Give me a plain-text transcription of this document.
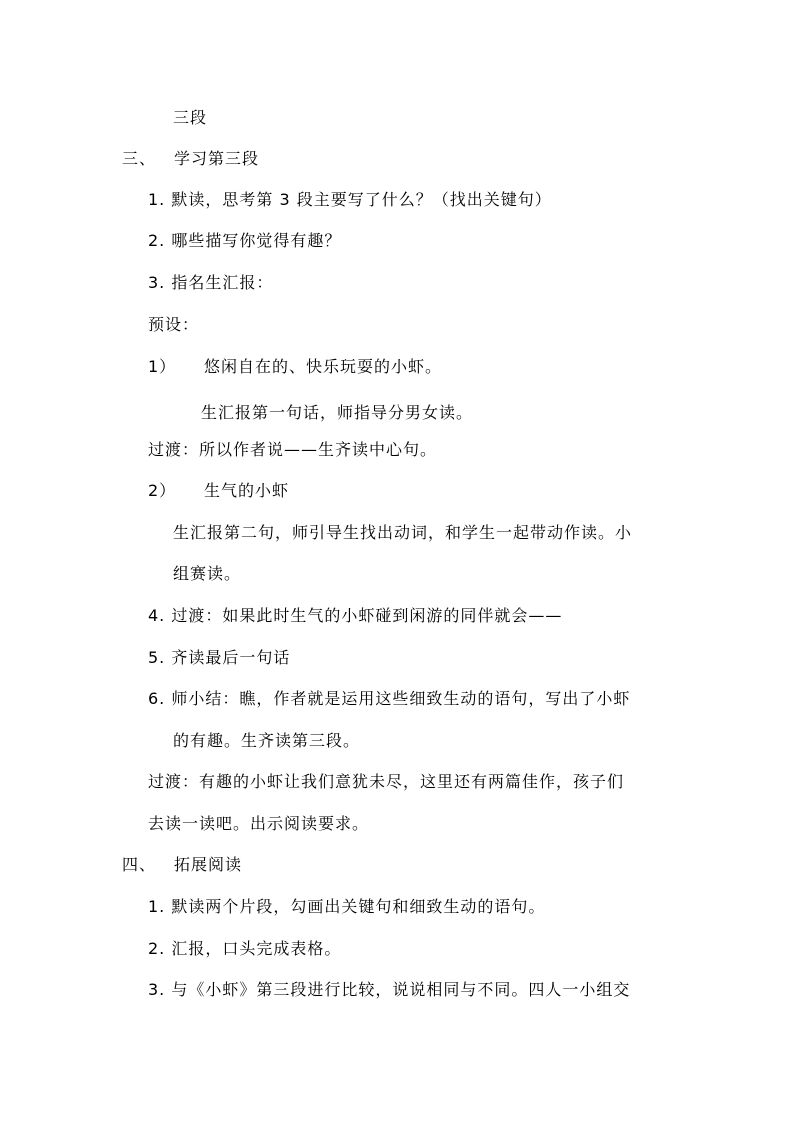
三段
三、 学习第三段
1. 默读，思考第 3 段主要写了什么？（找出关键句）
2. 哪些描写你觉得有趣？
3. 指名生汇报：
预设：
1） 悠闲自在的、快乐玩耍的小虾。
生汇报第一句话，师指导分男女读。
过渡：所以作者说——生齐读中心句。
2） 生气的小虾
生汇报第二句，师引导生找出动词，和学生一起带动作读。小
组赛读。
4. 过渡：如果此时生气的小虾碰到闲游的同伴就会——
5. 齐读最后一句话
6. 师小结：瞧，作者就是运用这些细致生动的语句，写出了小虾
的有趣。生齐读第三段。
过渡：有趣的小虾让我们意犹未尽，这里还有两篇佳作，孩子们
去读一读吧。出示阅读要求。
四、 拓展阅读
1. 默读两个片段，勾画出关键句和细致生动的语句。
2. 汇报，口头完成表格。
3. 与《小虾》第三段进行比较，说说相同与不同。四人一小组交
